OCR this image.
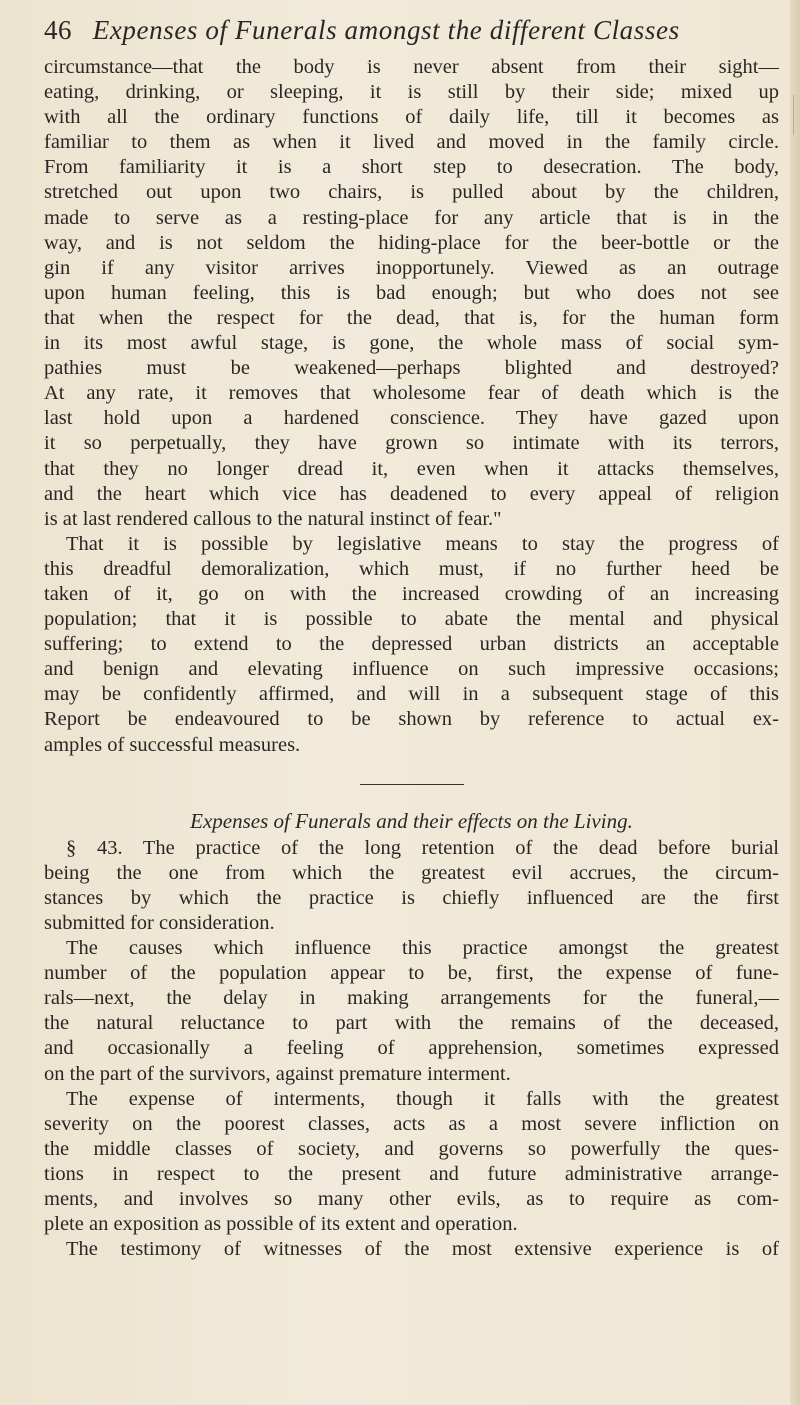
46 Expenses of Funerals amongst the different Classes
circumstance—that the body is never absent from their sight—
eating, drinking, or sleeping, it is still by their side; mixed up
with all the ordinary functions of daily life, till it becomes as
familiar to them as when it lived and moved in the family circle.
From familiarity it is a short step to desecration. The body,
stretched out upon two chairs, is pulled about by the children,
made to serve as a resting-place for any article that is in the
way, and is not seldom the hiding-place for the beer-bottle or the
gin if any visitor arrives inopportunely. Viewed as an outrage
upon human feeling, this is bad enough; but who does not see
that when the respect for the dead, that is, for the human form
in its most awful stage, is gone, the whole mass of social sym-
pathies must be weakened—perhaps blighted and destroyed?
At any rate, it removes that wholesome fear of death which is the
last hold upon a hardened conscience. They have gazed upon
it so perpetually, they have grown so intimate with its terrors,
that they no longer dread it, even when it attacks themselves,
and the heart which vice has deadened to every appeal of religion
is at last rendered callous to the natural instinct of fear."
That it is possible by legislative means to stay the progress of
this dreadful demoralization, which must, if no further heed be
taken of it, go on with the increased crowding of an increasing
population; that it is possible to abate the mental and physical
suffering; to extend to the depressed urban districts an acceptable
and benign and elevating influence on such impressive occasions;
may be confidently affirmed, and will in a subsequent stage of this
Report be endeavoured to be shown by reference to actual ex-
amples of successful measures.
Expenses of Funerals and their effects on the Living.
§ 43. The practice of the long retention of the dead before burial
being the one from which the greatest evil accrues, the circum-
stances by which the practice is chiefly influenced are the first
submitted for consideration.
The causes which influence this practice amongst the greatest
number of the population appear to be, first, the expense of fune-
rals—next, the delay in making arrangements for the funeral,—
the natural reluctance to part with the remains of the deceased,
and occasionally a feeling of apprehension, sometimes expressed
on the part of the survivors, against premature interment.
The expense of interments, though it falls with the greatest
severity on the poorest classes, acts as a most severe infliction on
the middle classes of society, and governs so powerfully the ques-
tions in respect to the present and future administrative arrange-
ments, and involves so many other evils, as to require as com-
plete an exposition as possible of its extent and operation.
The testimony of witnesses of the most extensive experience is of
